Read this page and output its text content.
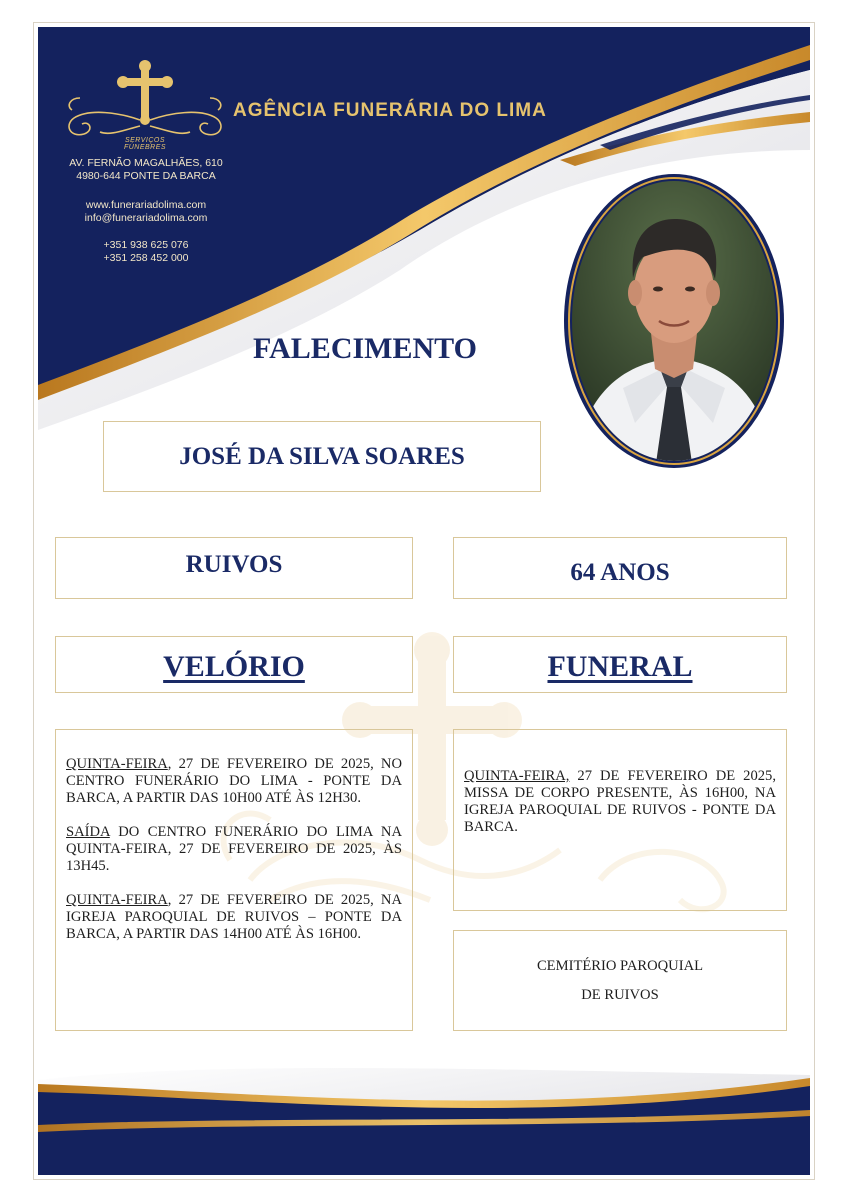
SERVIÇOS FÚNEBRES
AGÊNCIA FUNERÁRIA DO LIMA
AV. FERNÃO MAGALHÃES, 610
4980-644 PONTE DA BARCA
www.funerariadolima.com
info@funerariadolima.com
+351 938 625 076
+351 258 452 000
FALECIMENTO
JOSÉ DA SILVA SOARES
RUIVOS	64 ANOS
VELÓRIO	FUNERAL

QUINTA-FEIRA, 27 DE FEVEREIRO DE 2025, NO CENTRO FUNERÁRIO DO LIMA - PONTE DA BARCA, A PARTIR DAS 10H00 ATÉ ÀS 12H30.

SAÍDA DO CENTRO FUNERÁRIO DO LIMA NA QUINTA-FEIRA, 27 DE FEVEREIRO DE 2025, ÀS 13H45.

QUINTA-FEIRA, 27 DE FEVEREIRO DE 2025, NA IGREJA PAROQUIAL DE RUIVOS – PONTE DA BARCA, A PARTIR DAS 14H00 ATÉ ÀS 16H00.

QUINTA-FEIRA, 27 DE FEVEREIRO DE 2025, MISSA DE CORPO PRESENTE, ÀS 16H00, NA IGREJA PAROQUIAL DE RUIVOS - PONTE DA BARCA.

CEMITÉRIO PAROQUIAL
DE RUIVOS
